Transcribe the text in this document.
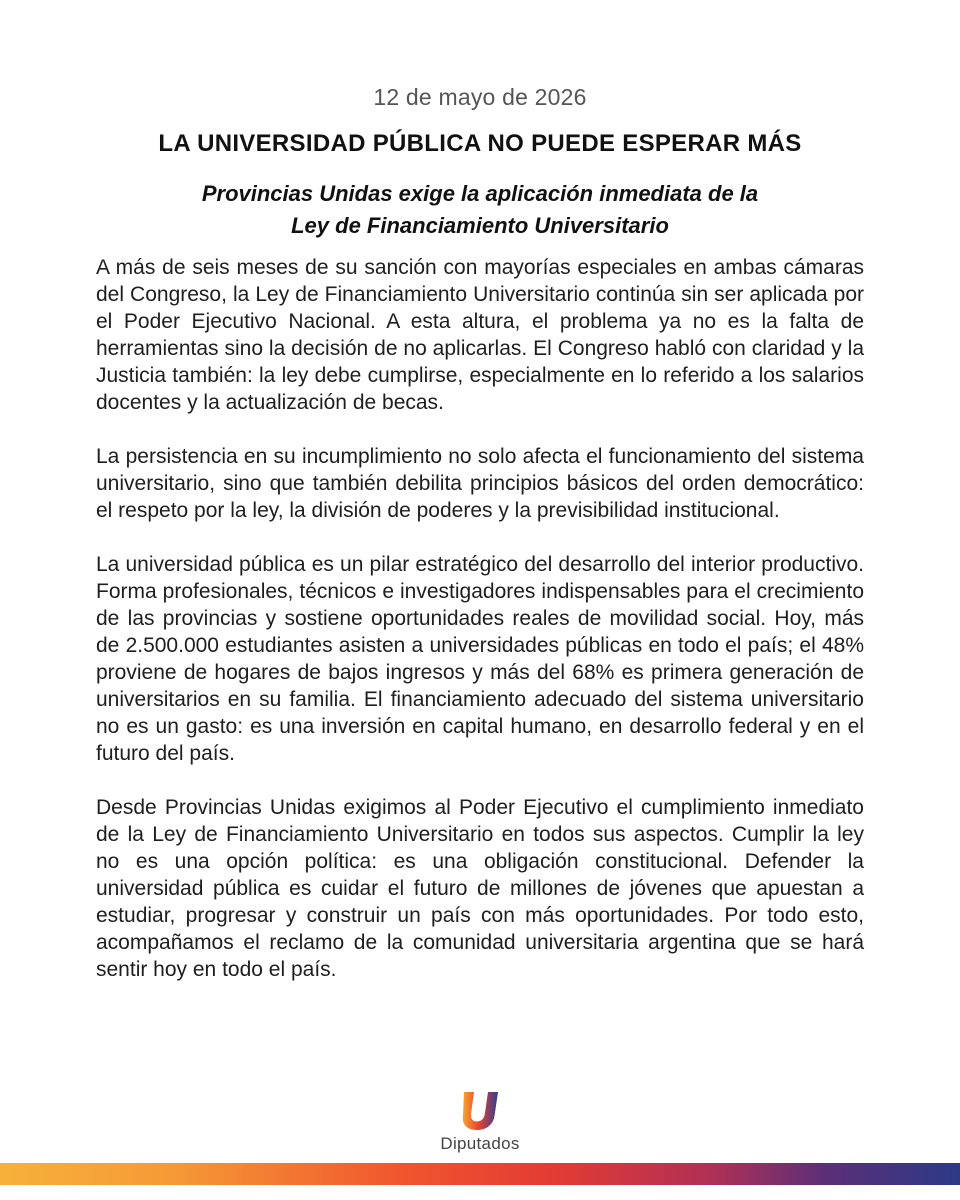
12 de mayo de 2026
LA UNIVERSIDAD PÚBLICA NO PUEDE ESPERAR MÁS
Provincias Unidas exige la aplicación inmediata de la
Ley de Financiamiento Universitario

A más de seis meses de su sanción con mayorías especiales en ambas cámaras del Congreso, la Ley de Financiamiento Universitario continúa sin ser aplicada por el Poder Ejecutivo Nacional. A esta altura, el problema ya no es la falta de herramientas sino la decisión de no aplicarlas. El Congreso habló con claridad y la Justicia también: la ley debe cumplirse, especialmente en lo referido a los salarios docentes y la actualización de becas.

La persistencia en su incumplimiento no solo afecta el funcionamiento del sistema universitario, sino que también debilita principios básicos del orden democrático: el respeto por la ley, la división de poderes y la previsibilidad institucional.

La universidad pública es un pilar estratégico del desarrollo del interior productivo. Forma profesionales, técnicos e investigadores indispensables para el crecimiento de las provincias y sostiene oportunidades reales de movilidad social. Hoy, más de 2.500.000 estudiantes asisten a universidades públicas en todo el país; el 48% proviene de hogares de bajos ingresos y más del 68% es primera generación de universitarios en su familia. El financiamiento adecuado del sistema universitario no es un gasto: es una inversión en capital humano, en desarrollo federal y en el futuro del país.

Desde Provincias Unidas exigimos al Poder Ejecutivo el cumplimiento inmediato de la Ley de Financiamiento Universitario en todos sus aspectos. Cumplir la ley no es una opción política: es una obligación constitucional. Defender la universidad pública es cuidar el futuro de millones de jóvenes que apuestan a estudiar, progresar y construir un país con más oportunidades. Por todo esto, acompañamos el reclamo de la comunidad universitaria argentina que se hará sentir hoy en todo el país.

Diputados
